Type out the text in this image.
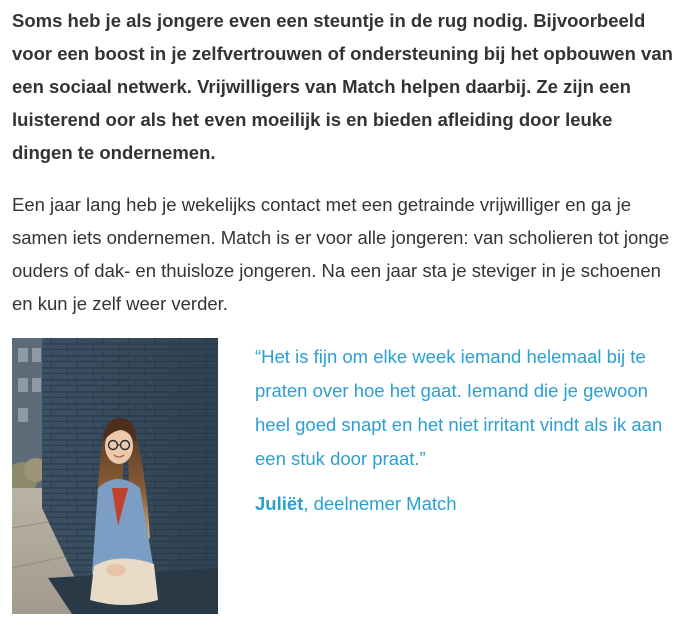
Soms heb je als jongere even een steuntje in de rug nodig. Bijvoorbeeld voor een boost in je zelfvertrouwen of ondersteuning bij het opbouwen van een sociaal netwerk. Vrijwilligers van Match helpen daarbij. Ze zijn een luisterend oor als het even moeilijk is en bieden afleiding door leuke dingen te ondernemen.

Een jaar lang heb je wekelijks contact met een getrainde vrijwilliger en ga je samen iets ondernemen. Match is er voor alle jongeren: van scholieren tot jonge ouders of dak- en thuisloze jongeren. Na een jaar sta je steviger in je schoenen en kun je zelf weer verder.

“Het is fijn om elke week iemand helemaal bij te praten over hoe het gaat. Iemand die je gewoon heel goed snapt en het niet irritant vindt als ik aan een stuk door praat.”

Juliët, deelnemer Match
